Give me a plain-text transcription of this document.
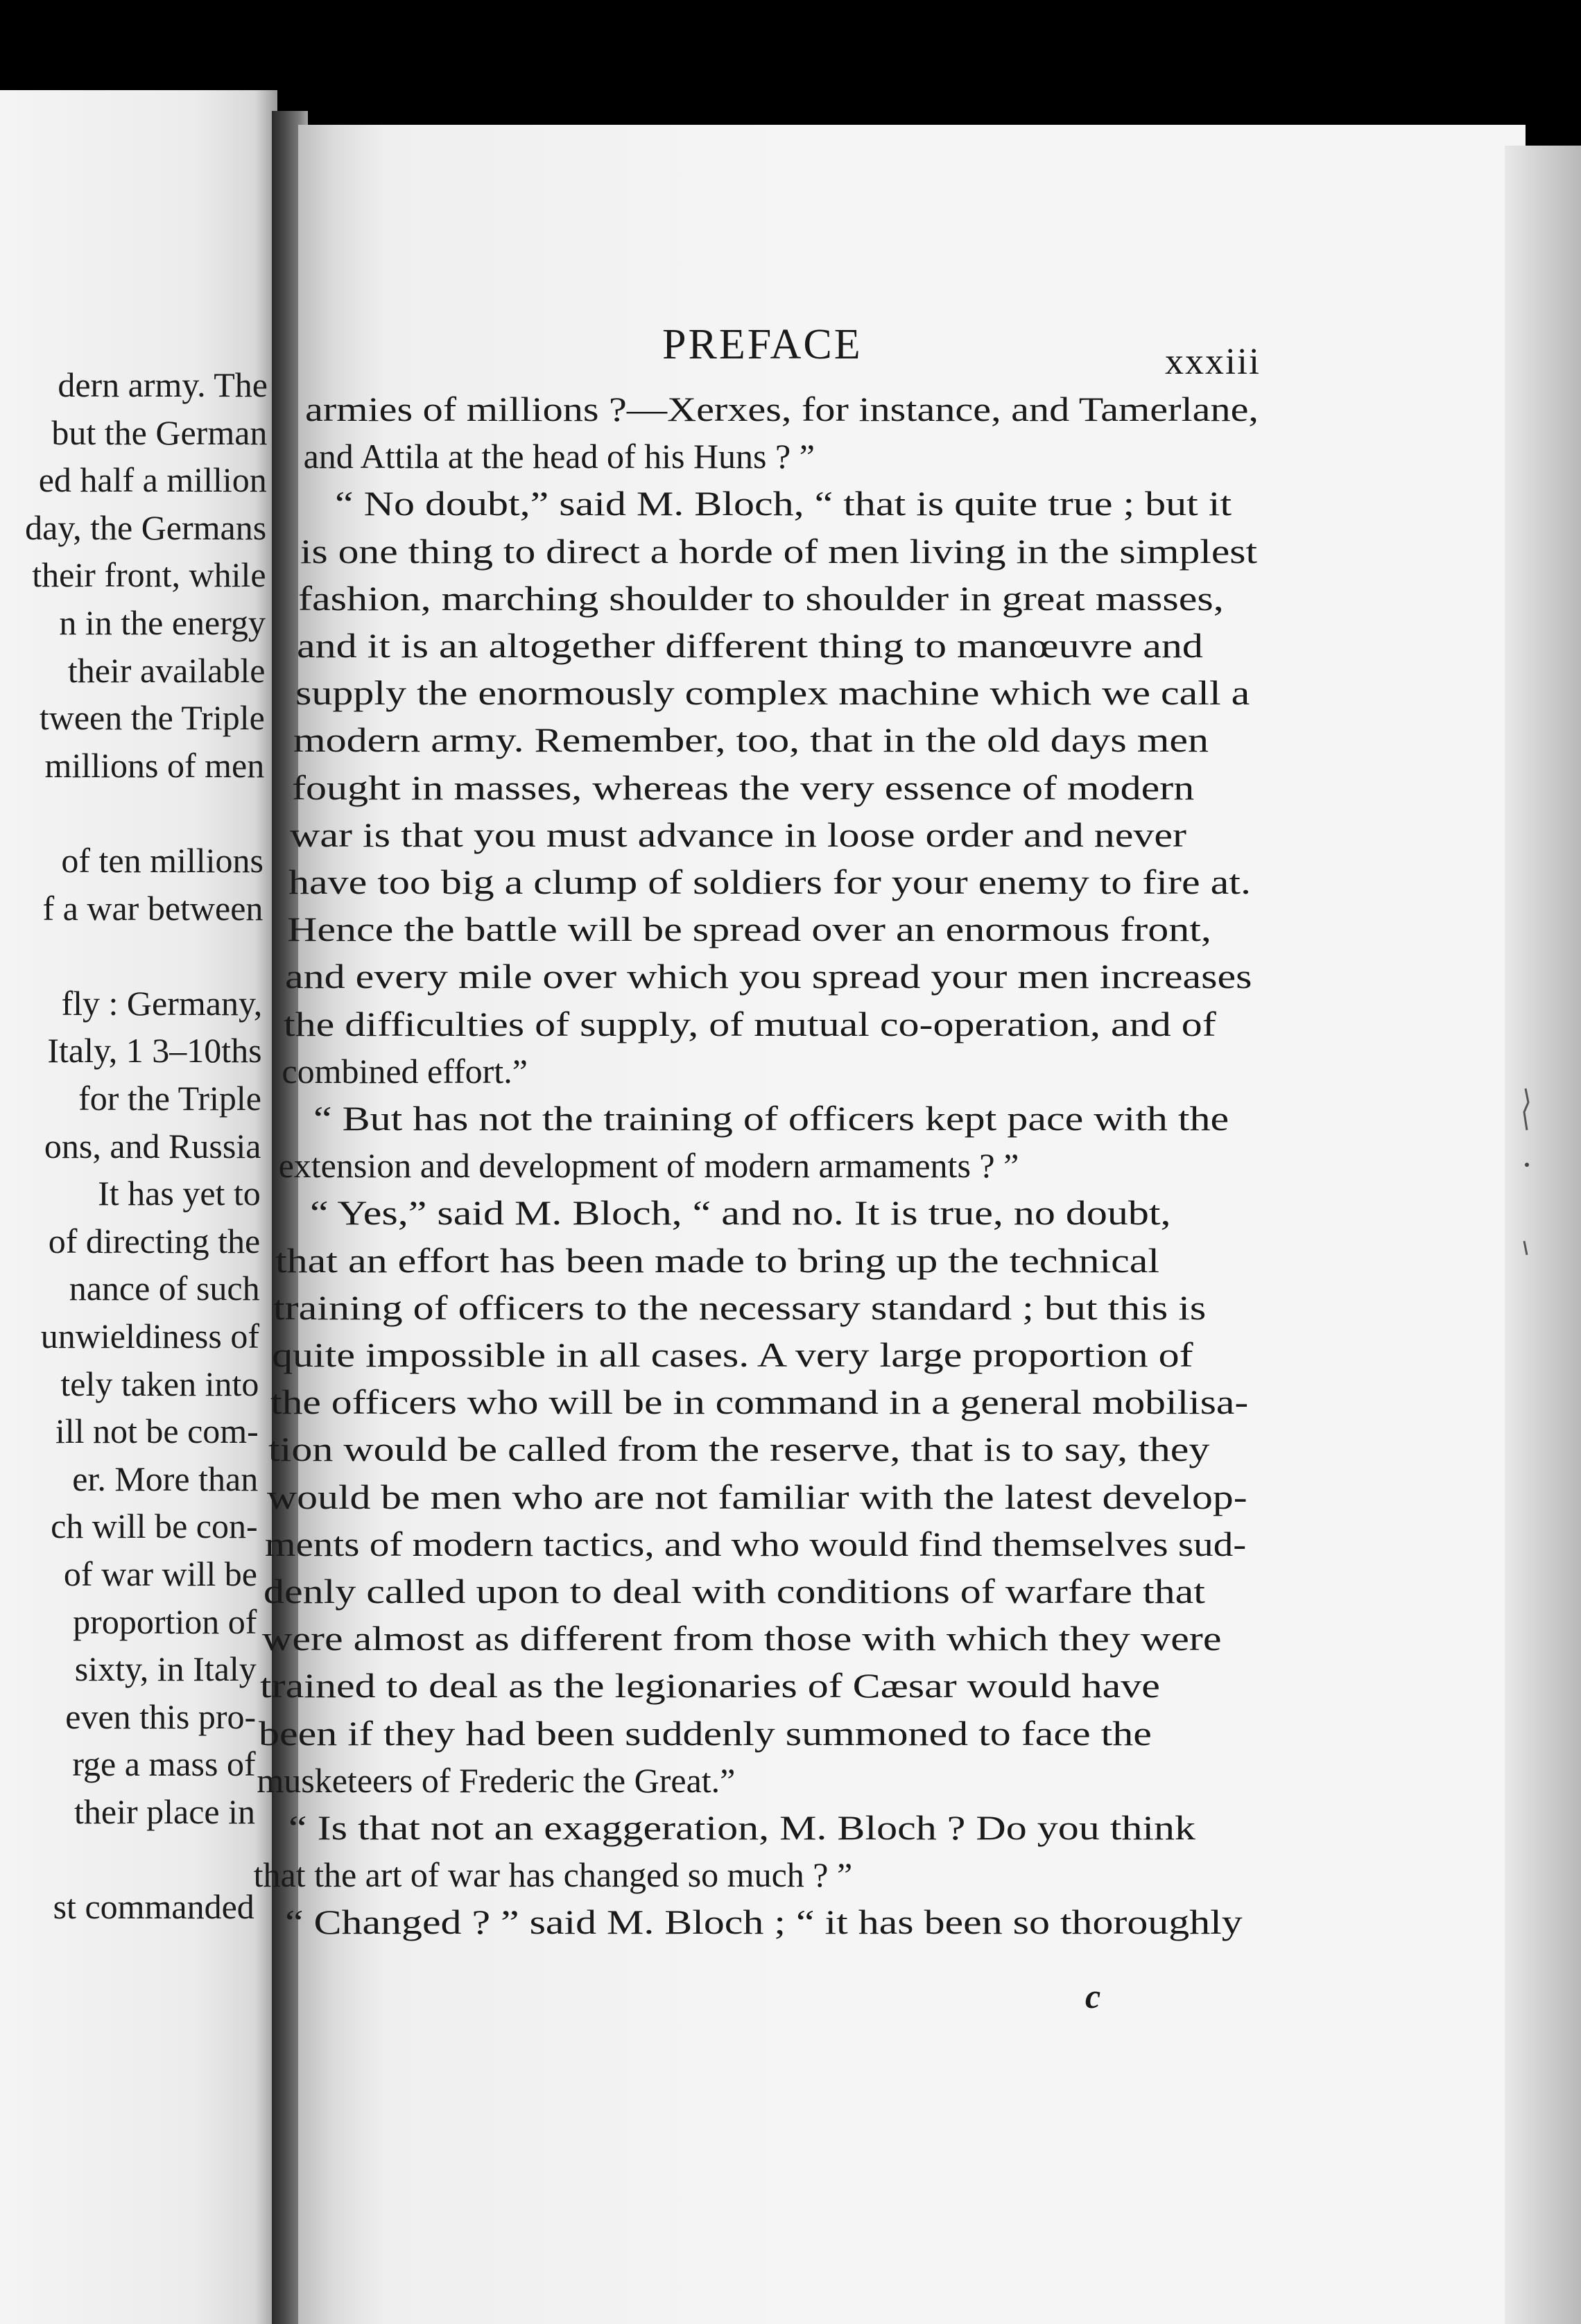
dern army. The
but the German
ed half a million
day, the Germans
their front, while
n in the energy
their available
tween the Triple
millions of men
of ten millions
f a war between
fly : Germany,
Italy, 1 3–10ths
for the Triple
ons, and Russia
It has yet to
of directing the
nance of such
unwieldiness of
tely taken into
ill not be com-
er. More than
ch will be con-
of war will be
proportion of
sixty, in Italy
even this pro-
rge a mass of
their place in
st commanded
PREFACE	xxxiii
armies of millions ?—Xerxes, for instance, and Tamerlane,
and Attila at the head of his Huns ? ”
“ No doubt,” said M. Bloch, “ that is quite true ; but it
is one thing to direct a horde of men living in the simplest
fashion, marching shoulder to shoulder in great masses,
and it is an altogether different thing to manœuvre and
supply the enormously complex machine which we call a
modern army. Remember, too, that in the old days men
fought in masses, whereas the very essence of modern
war is that you must advance in loose order and never
have too big a clump of soldiers for your enemy to fire at.
Hence the battle will be spread over an enormous front,
and every mile over which you spread your men increases
the difficulties of supply, of mutual co-operation, and of
combined effort.”
“ But has not the training of officers kept pace with the
extension and development of modern armaments ? ”
“ Yes,” said M. Bloch, “ and no. It is true, no doubt,
that an effort has been made to bring up the technical
training of officers to the necessary standard ; but this is
quite impossible in all cases. A very large proportion of
the officers who will be in command in a general mobilisa-
tion would be called from the reserve, that is to say, they
would be men who are not familiar with the latest develop-
ments of modern tactics, and who would find themselves sud-
denly called upon to deal with conditions of warfare that
were almost as different from those with which they were
trained to deal as the legionaries of Cæsar would have
been if they had been suddenly summoned to face the
musketeers of Frederic the Great.”
“ Is that not an exaggeration, M. Bloch ? Do you think
that the art of war has changed so much ? ”
“ Changed ? ” said M. Bloch ; “ it has been so thoroughly
c
